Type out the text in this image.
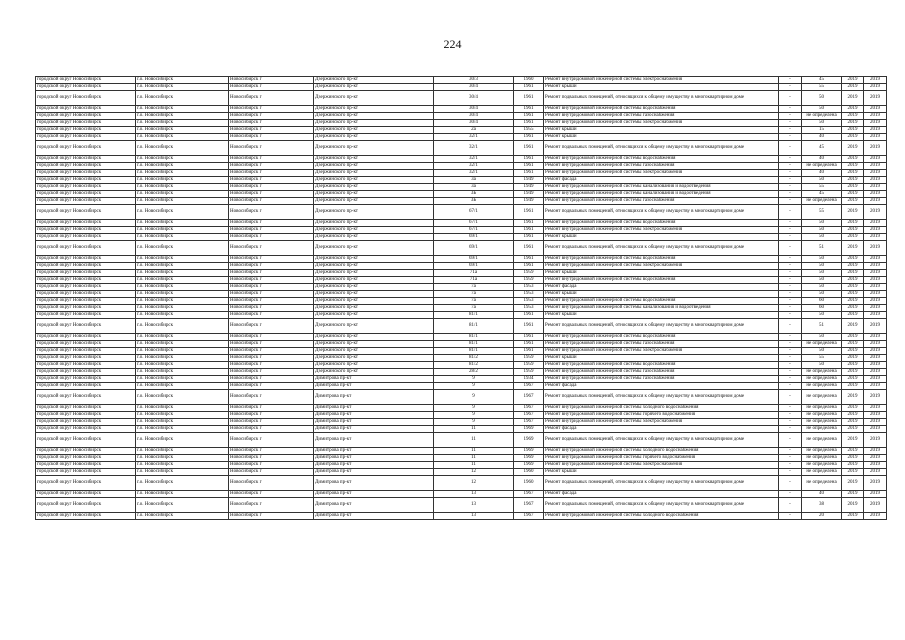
224
городской округ Новосибирск	г.о. Новосибирск	Новосибирск г	Дзержинского пр-кт	30/3	1960	Ремонт внутридомовой инженерной системы электроснабжения	-	45	2019	2019
городской округ Новосибирск	г.о. Новосибирск	Новосибирск г	Дзержинского пр-кт	30/4	1961	Ремонт крыши	-	55	2019	2019
городской округ Новосибирск	г.о. Новосибирск	Новосибирск г	Дзержинского пр-кт	30/4	1961	Ремонт подвальных помещений, относящихся к общему имуществу в многоквартирном доме	-	50	2019	2019
городской округ Новосибирск	г.о. Новосибирск	Новосибирск г	Дзержинского пр-кт	30/4	1961	Ремонт внутридомовой инженерной системы водоснабжения	-	50	2019	2019
городской округ Новосибирск	г.о. Новосибирск	Новосибирск г	Дзержинского пр-кт	30/4	1961	Ремонт внутридомовой инженерной системы газоснабжения	-	не определена	2019	2019
городской округ Новосибирск	г.о. Новосибирск	Новосибирск г	Дзержинского пр-кт	30/4	1961	Ремонт внутридомовой инженерной системы электроснабжения	-	50	2019	2019
городской округ Новосибирск	г.о. Новосибирск	Новосибирск г	Дзержинского пр-кт	2а	1955	Ремонт крыши	-	15	2019	2019
городской округ Новосибирск	г.о. Новосибирск	Новосибирск г	Дзержинского пр-кт	32/1	1961	Ремонт крыши	-	40	2019	2019
городской округ Новосибирск	г.о. Новосибирск	Новосибирск г	Дзержинского пр-кт	32/1	1961	Ремонт подвальных помещений, относящихся к общему имуществу в многоквартирном доме	-	45	2019	2019
городской округ Новосибирск	г.о. Новосибирск	Новосибирск г	Дзержинского пр-кт	32/1	1961	Ремонт внутридомовой инженерной системы водоснабжения	-	40	2019	2019
городской округ Новосибирск	г.о. Новосибирск	Новосибирск г	Дзержинского пр-кт	32/1	1961	Ремонт внутридомовой инженерной системы газоснабжения	-	не определена	2019	2019
городской округ Новосибирск	г.о. Новосибирск	Новосибирск г	Дзержинского пр-кт	32/1	1961	Ремонт внутридомовой инженерной системы электроснабжения	-	40	2019	2019
городской округ Новосибирск	г.о. Новосибирск	Новосибирск г	Дзержинского пр-кт	3а	1949	Ремонт фасада	-	50	2019	2019
городской округ Новосибирск	г.о. Новосибирск	Новосибирск г	Дзержинского пр-кт	3а	1949	Ремонт внутридомовой инженерной системы канализования и водоотведения	-	55	2019	2019
городской округ Новосибирск	г.о. Новосибирск	Новосибирск г	Дзержинского пр-кт	3Б	1949	Ремонт внутридомовой инженерной системы канализования и водоотведения	-	45	2019	2019
городской округ Новосибирск	г.о. Новосибирск	Новосибирск г	Дзержинского пр-кт	3Б	1949	Ремонт внутридомовой инженерной системы газоснабжения	-	не определена	2019	2019
городской округ Новосибирск	г.о. Новосибирск	Новосибирск г	Дзержинского пр-кт	67/1	1961	Ремонт подвальных помещений, относящихся к общему имуществу в многоквартирном доме	-	55	2019	2019
городской округ Новосибирск	г.о. Новосибирск	Новосибирск г	Дзержинского пр-кт	67/1	1961	Ремонт внутридомовой инженерной системы водоснабжения	-	50	2019	2019
городской округ Новосибирск	г.о. Новосибирск	Новосибирск г	Дзержинского пр-кт	67/1	1961	Ремонт внутридомовой инженерной системы электроснабжения	-	50	2019	2019
городской округ Новосибирск	г.о. Новосибирск	Новосибирск г	Дзержинского пр-кт	69/1	1961	Ремонт крыши	-	50	2019	2019
городской округ Новосибирск	г.о. Новосибирск	Новосибирск г	Дзержинского пр-кт	69/1	1961	Ремонт подвальных помещений, относящихся к общему имуществу в многоквартирном доме	-	51	2019	2019
городской округ Новосибирск	г.о. Новосибирск	Новосибирск г	Дзержинского пр-кт	69/1	1961	Ремонт внутридомовой инженерной системы водоснабжения	-	50	2019	2019
городской округ Новосибирск	г.о. Новосибирск	Новосибирск г	Дзержинского пр-кт	69/1	1961	Ремонт внутридомовой инженерной системы электроснабжения	-	50	2019	2019
городской округ Новосибирск	г.о. Новосибирск	Новосибирск г	Дзержинского пр-кт	71а	1959	Ремонт крыши	-	50	2019	2019
городской округ Новосибирск	г.о. Новосибирск	Новосибирск г	Дзержинского пр-кт	71а	1959	Ремонт внутридомовой инженерной системы водоснабжения	-	50	2019	2019
городской округ Новосибирск	г.о. Новосибирск	Новосибирск г	Дзержинского пр-кт	7а	1953	Ремонт фасада	-	50	2019	2019
городской округ Новосибирск	г.о. Новосибирск	Новосибирск г	Дзержинского пр-кт	7а	1953	Ремонт крыши	-	50	2019	2019
городской округ Новосибирск	г.о. Новосибирск	Новосибирск г	Дзержинского пр-кт	7а	1953	Ремонт внутридомовой инженерной системы водоснабжения	-	60	2019	2019
городской округ Новосибирск	г.о. Новосибирск	Новосибирск г	Дзержинского пр-кт	7а	1953	Ремонт внутридомовой инженерной системы канализования и водоотведения	-	60	2019	2019
городской округ Новосибирск	г.о. Новосибирск	Новосибирск г	Дзержинского пр-кт	81/1	1961	Ремонт крыши	-	50	2019	2019
городской округ Новосибирск	г.о. Новосибирск	Новосибирск г	Дзержинского пр-кт	81/1	1961	Ремонт подвальных помещений, относящихся к общему имуществу в многоквартирном доме	-	51	2019	2019
городской округ Новосибирск	г.о. Новосибирск	Новосибирск г	Дзержинского пр-кт	81/1	1961	Ремонт внутридомовой инженерной системы водоснабжения	-	50	2019	2019
городской округ Новосибирск	г.о. Новосибирск	Новосибирск г	Дзержинского пр-кт	81/1	1961	Ремонт внутридомовой инженерной системы газоснабжения	-	не определена	2019	2019
городской округ Новосибирск	г.о. Новосибирск	Новосибирск г	Дзержинского пр-кт	81/1	1961	Ремонт внутридомовой инженерной системы электроснабжения	-	50	2019	2019
городской округ Новосибирск	г.о. Новосибирск	Новосибирск г	Дзержинского пр-кт	81/2	1959	Ремонт крыши	-	55	2019	2019
городской округ Новосибирск	г.о. Новосибирск	Новосибирск г	Дзержинского пр-кт	81/2	1959	Ремонт внутридомовой инженерной системы водоснабжения	-	50	2019	2019
городской округ Новосибирск	г.о. Новосибирск	Новосибирск г	Дзержинского пр-кт	28/2	1959	Ремонт внутридомовой инженерной системы газоснабжения	-	не определена	2019	2019
городской округ Новосибирск	г.о. Новосибирск	Новосибирск г	Димитрова пр-кт	9	1934	Ремонт внутридомовой инженерной системы газоснабжения	-	не определена	2019	2019
городской округ Новосибирск	г.о. Новосибирск	Новосибирск г	Димитрова пр-кт	9	1967	Ремонт фасада	-	не определена	2019	2019
городской округ Новосибирск	г.о. Новосибирск	Новосибирск г	Димитрова пр-кт	9	1967	Ремонт подвальных помещений, относящихся к общему имуществу в многоквартирном доме	-	не определена	2019	2019
городской округ Новосибирск	г.о. Новосибирск	Новосибирск г	Димитрова пр-кт	9	1967	Ремонт внутридомовой инженерной системы холодного водоснабжения	-	не определена	2019	2019
городской округ Новосибирск	г.о. Новосибирск	Новосибирск г	Димитрова пр-кт	9	1967	Ремонт внутридомовой инженерной системы горячего водоснабжения	-	не определена	2019	2019
городской округ Новосибирск	г.о. Новосибирск	Новосибирск г	Димитрова пр-кт	9	1967	Ремонт внутридомовой инженерной системы электроснабжения	-	не определена	2019	2019
городской округ Новосибирск	г.о. Новосибирск	Новосибирск г	Димитрова пр-кт	11	1969	Ремонт фасада	-	не определена	2019	2019
городской округ Новосибирск	г.о. Новосибирск	Новосибирск г	Димитрова пр-кт	11	1969	Ремонт подвальных помещений, относящихся к общему имуществу в многоквартирном доме	-	не определена	2019	2019
городской округ Новосибирск	г.о. Новосибирск	Новосибирск г	Димитрова пр-кт	11	1969	Ремонт внутридомовой инженерной системы холодного водоснабжения	-	не определена	2019	2019
городской округ Новосибирск	г.о. Новосибирск	Новосибирск г	Димитрова пр-кт	11	1969	Ремонт внутридомовой инженерной системы горячего водоснабжения	-	не определена	2019	2019
городской округ Новосибирск	г.о. Новосибирск	Новосибирск г	Димитрова пр-кт	11	1969	Ремонт внутридомовой инженерной системы электроснабжения	-	не определена	2019	2019
городской округ Новосибирск	г.о. Новосибирск	Новосибирск г	Димитрова пр-кт	12	1960	Ремонт крыши	-	не определена	2019	2019
городской округ Новосибирск	г.о. Новосибирск	Новосибирск г	Димитрова пр-кт	12	1960	Ремонт подвальных помещений, относящихся к общему имуществу в многоквартирном доме	-	не определена	2019	2019
городской округ Новосибирск	г.о. Новосибирск	Новосибирск г	Димитрова пр-кт	13	1967	Ремонт фасада	-	40	2019	2019
городской округ Новосибирск	г.о. Новосибирск	Новосибирск г	Димитрова пр-кт	13	1967	Ремонт подвальных помещений, относящихся к общему имуществу в многоквартирном доме	-	38	2019	2019
городской округ Новосибирск	г.о. Новосибирск	Новосибирск г	Димитрова пр-кт	13	1967	Ремонт внутридомовой инженерной системы холодного водоснабжения	-	20	2019	2019
